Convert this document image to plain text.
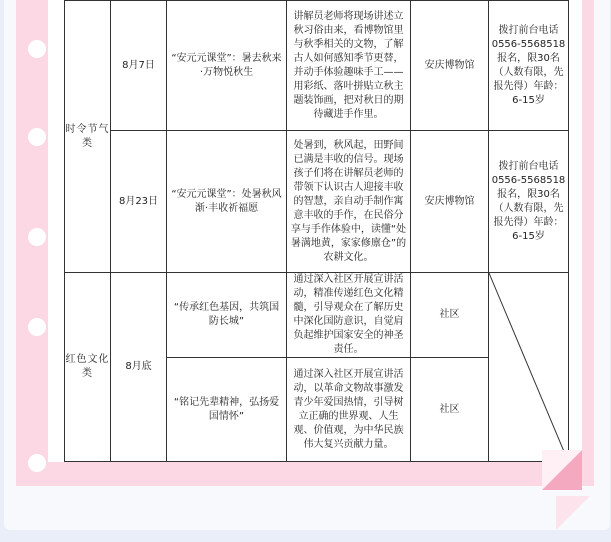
时令节气类	8月7日	“安元元课堂”：暑去秋来·万物悦秋生	讲解员老师将现场讲述立秋习俗由来，看博物馆里与秋季相关的文物，了解古人如何感知季节更替，并动手体验趣味手工——用彩纸、落叶拼贴立秋主题装饰画，把对秋日的期待藏进手作里。	安庆博物馆	拨打前台电话0556-5568518报名，限30名（人数有限，先报先得）年龄：6-15岁
	8月23日	“安元元课堂”：处暑秋风渐·丰收祈福愿	处暑到，秋风起，田野间已满是丰收的信号。现场孩子们将在讲解员老师的带领下认识古人迎接丰收的智慧，亲自动手制作寓意丰收的手作，在民俗分享与手作体验中，读懂“处暑满地黄，家家修廪仓”的农耕文化。	安庆博物馆	拨打前台电话0556-5568518报名，限30名（人数有限，先报先得）年龄：6-15岁
红色文化类	8月底	“传承红色基因，共筑国防长城”	通过深入社区开展宣讲活动，精准传递红色文化精髓，引导观众在了解历史中深化国防意识，自觉肩负起维护国家安全的神圣责任。	社区	

		“铭记先辈精神，弘扬爱国情怀”	通过深入社区开展宣讲活动，以革命文物故事激发青少年爱国热情，引导树立正确的世界观、人生观、价值观，为中华民族伟大复兴贡献力量。	社区	
